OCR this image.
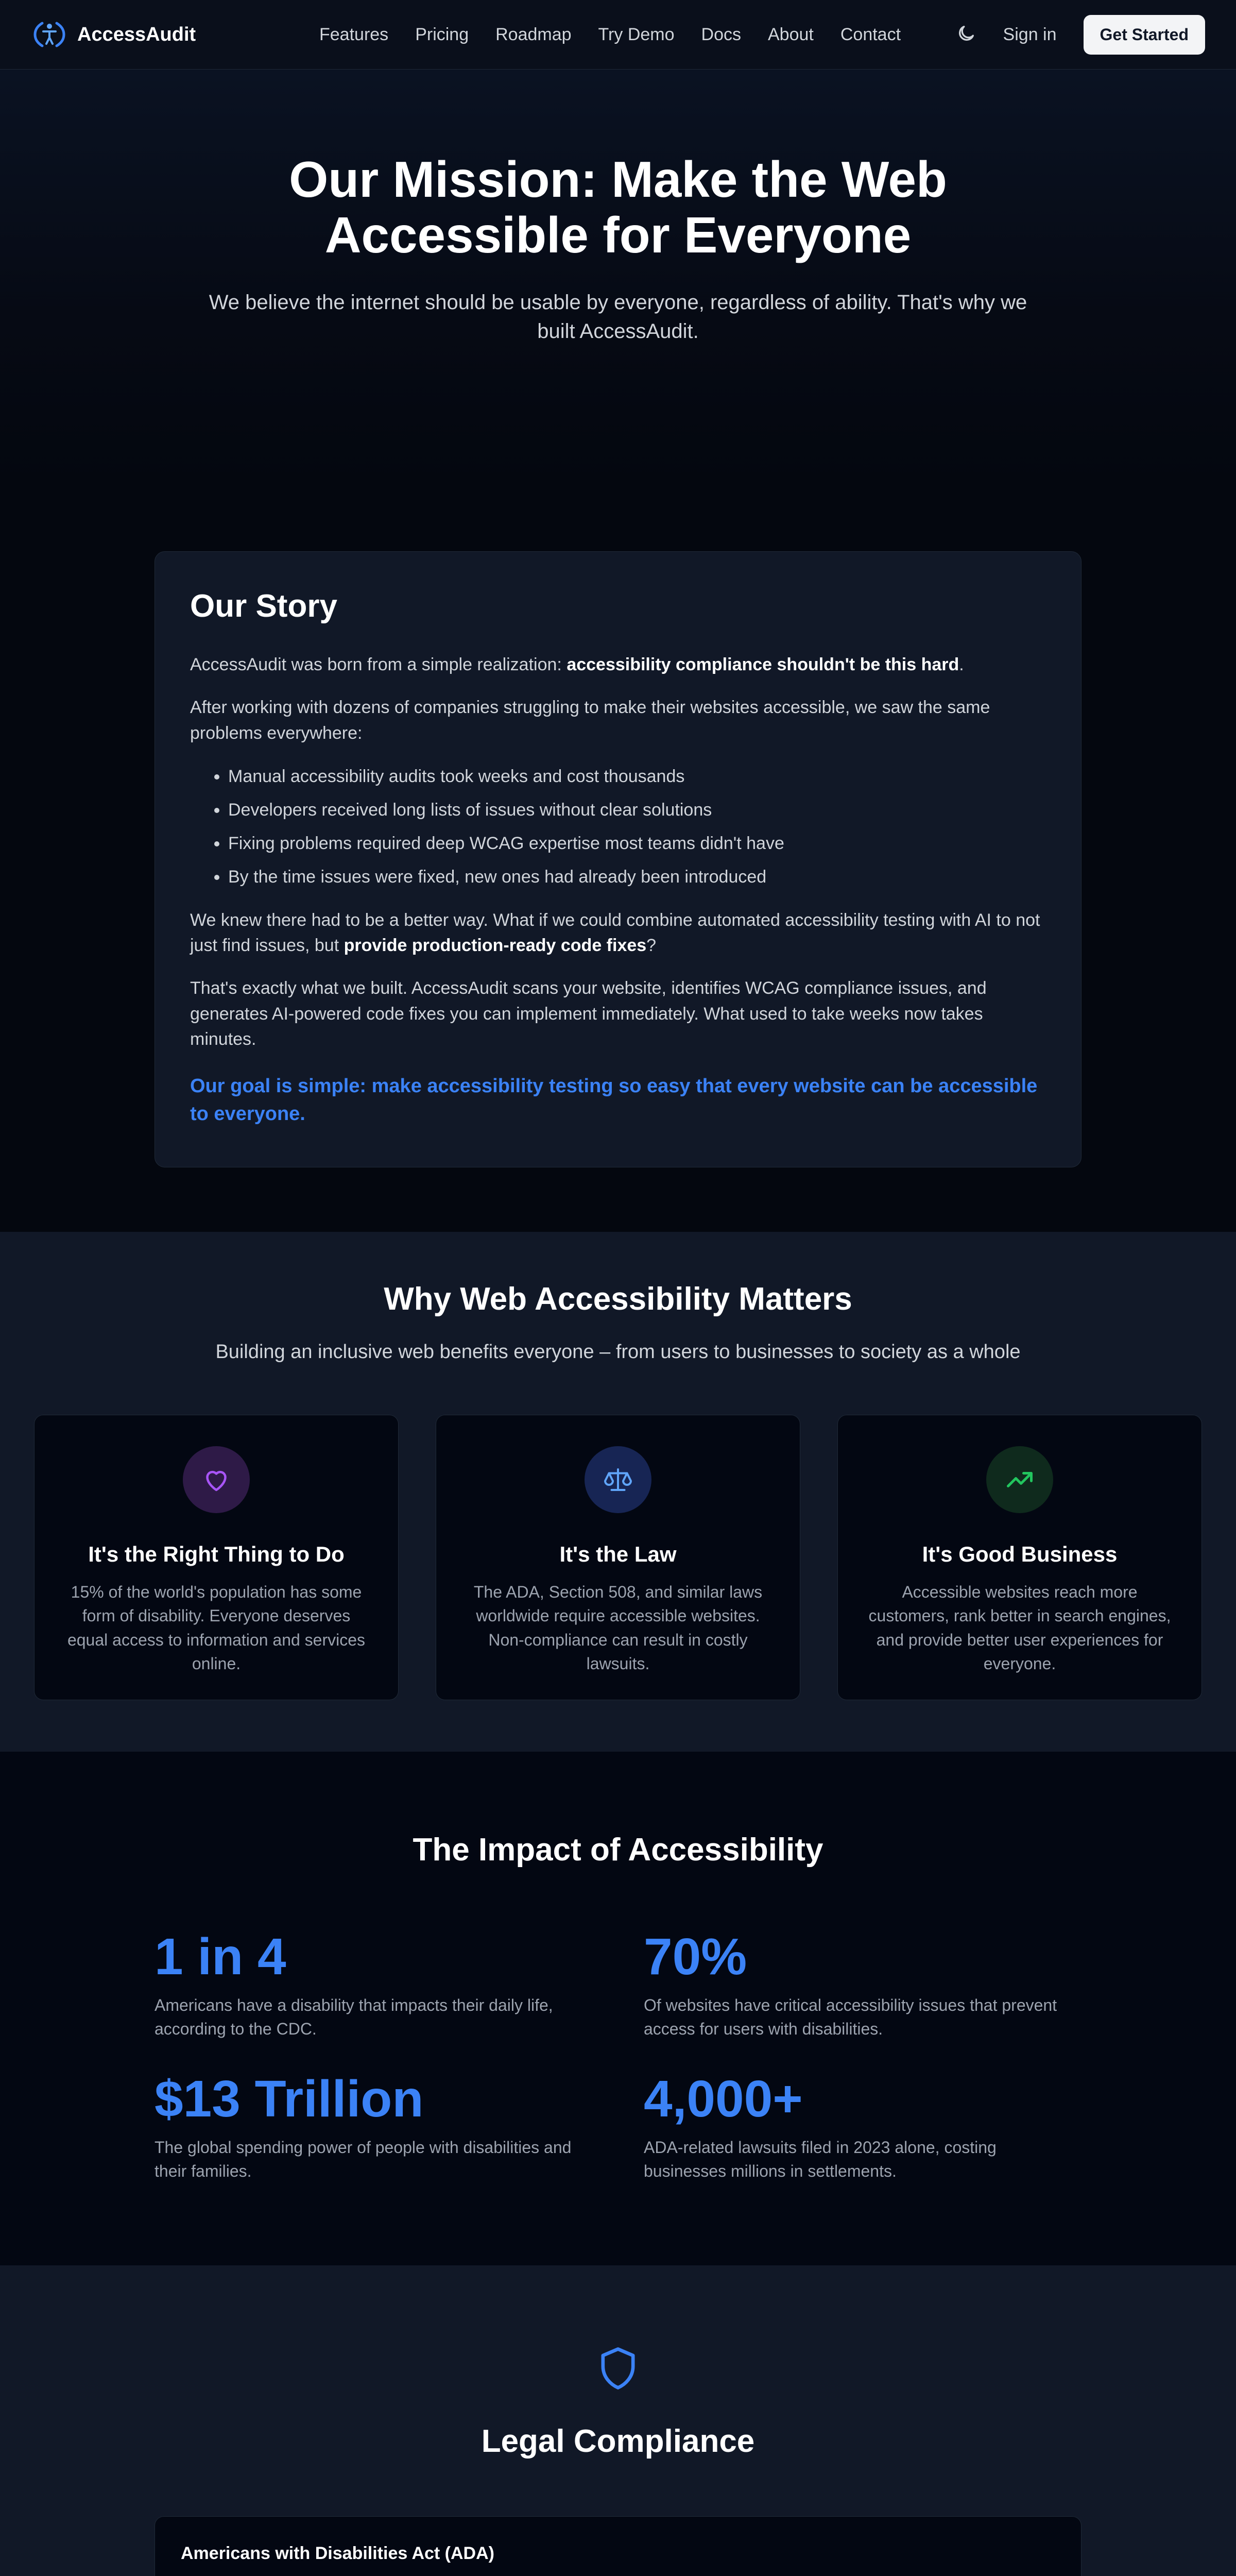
AccessAudit	Features Pricing Roadmap Try Demo Docs About Contact	Sign in	Get Started
Our Mission: Make the Web Accessible for Everyone

We believe the internet should be usable by everyone, regardless of ability. That's why we built AccessAudit.

Our Story

AccessAudit was born from a simple realization: accessibility compliance shouldn't be this hard.

After working with dozens of companies struggling to make their websites accessible, we saw the same problems everywhere:

• Manual accessibility audits took weeks and cost thousands
• Developers received long lists of issues without clear solutions
• Fixing problems required deep WCAG expertise most teams didn't have
• By the time issues were fixed, new ones had already been introduced

We knew there had to be a better way. What if we could combine automated accessibility testing with AI to not just find issues, but provide production-ready code fixes?

That's exactly what we built. AccessAudit scans your website, identifies WCAG compliance issues, and generates AI-powered code fixes you can implement immediately. What used to take weeks now takes minutes.

Our goal is simple: make accessibility testing so easy that every website can be accessible to everyone.

Why Web Accessibility Matters

Building an inclusive web benefits everyone – from users to businesses to society as a whole

It's the Right Thing to Do

15% of the world's population has some form of disability. Everyone deserves equal access to information and services online.

It's the Law

The ADA, Section 508, and similar laws worldwide require accessible websites. Non-compliance can result in costly lawsuits.

It's Good Business

Accessible websites reach more customers, rank better in search engines, and provide better user experiences for everyone.

The Impact of Accessibility
1 in 4
Americans have a disability that impacts their daily life, according to the CDC.
70%
Of websites have critical accessibility issues that prevent access for users with disabilities.
$13 Trillion
The global spending power of people with disabilities and their families.
4,000+
ADA-related lawsuits filed in 2023 alone, costing businesses millions in settlements.
Legal Compliance
Americans with Disabilities Act (ADA)
